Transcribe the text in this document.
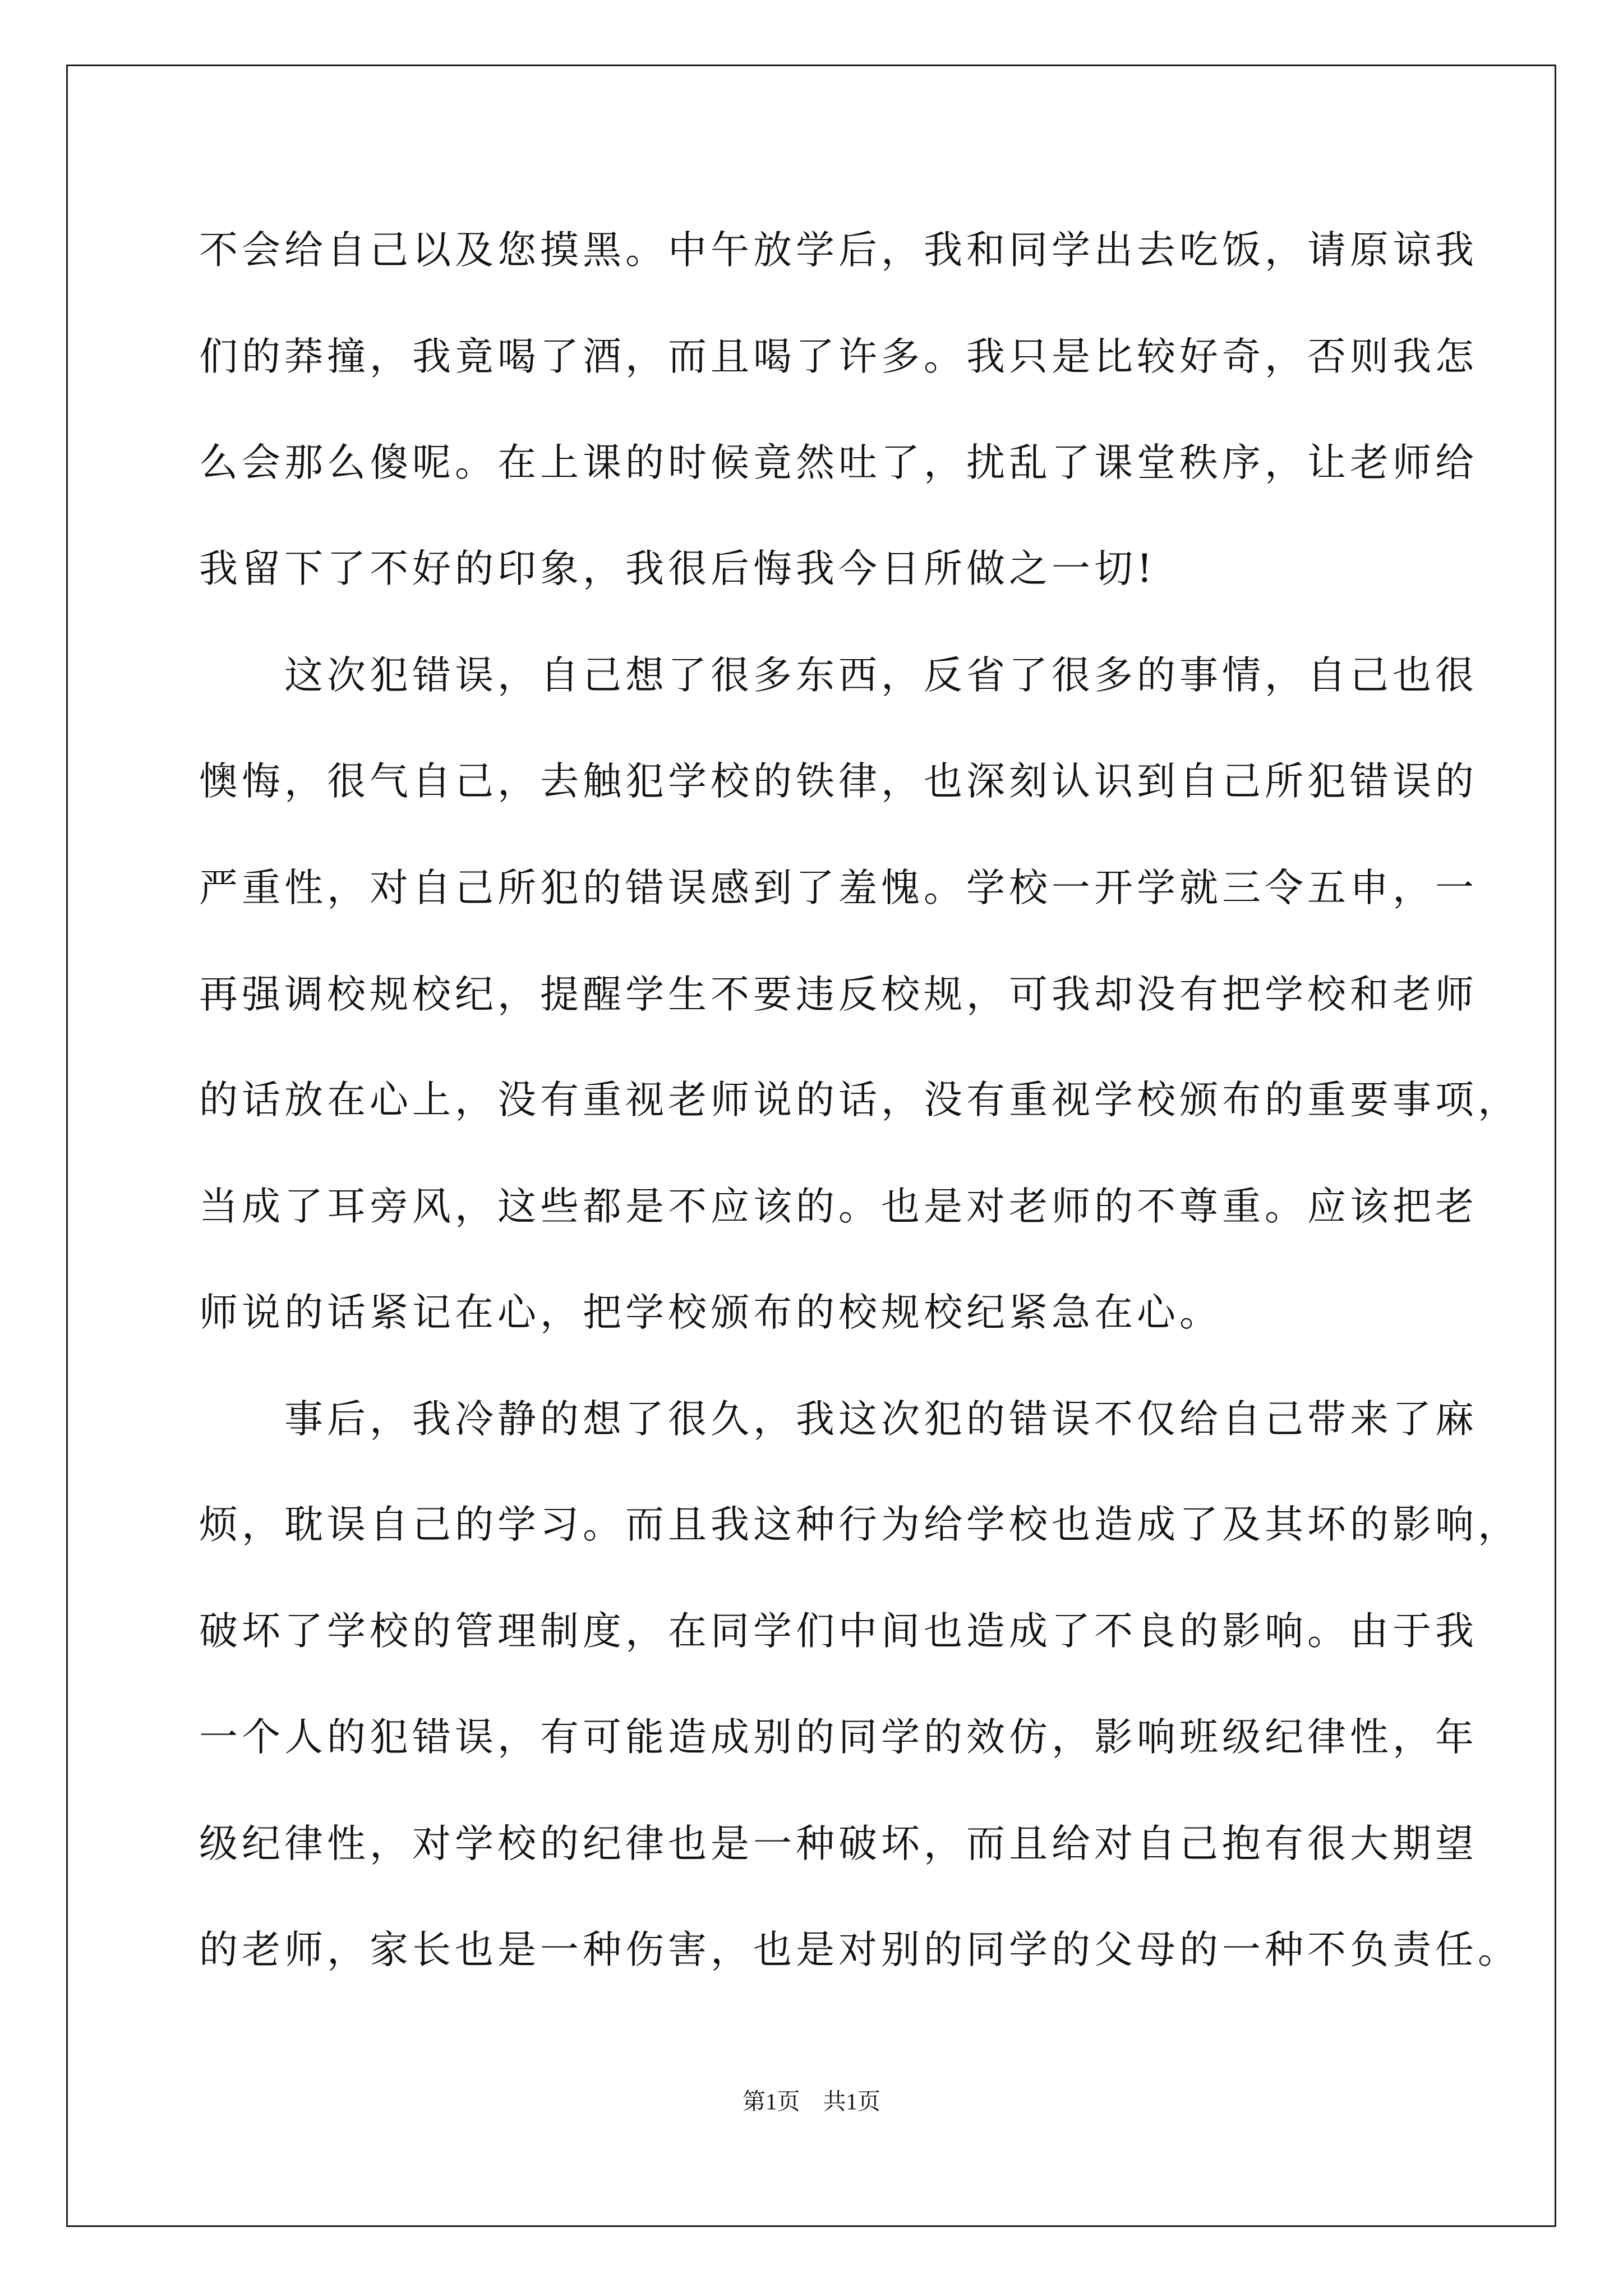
不会给自己以及您摸黑。中午放学后，我和同学出去吃饭，请原谅我
们的莽撞，我竟喝了酒，而且喝了许多。我只是比较好奇，否则我怎
么会那么傻呢。在上课的时候竟然吐了，扰乱了课堂秩序，让老师给
我留下了不好的印象，我很后悔我今日所做之一切!
　　这次犯错误，自己想了很多东西，反省了很多的事情，自己也很
懊悔，很气自己，去触犯学校的铁律，也深刻认识到自己所犯错误的
严重性，对自己所犯的错误感到了羞愧。学校一开学就三令五申，一
再强调校规校纪，提醒学生不要违反校规，可我却没有把学校和老师
的话放在心上，没有重视老师说的话，没有重视学校颁布的重要事项，
当成了耳旁风，这些都是不应该的。也是对老师的不尊重。应该把老
师说的话紧记在心，把学校颁布的校规校纪紧急在心。
　　事后，我冷静的想了很久，我这次犯的错误不仅给自己带来了麻
烦，耽误自己的学习。而且我这种行为给学校也造成了及其坏的影响，
破坏了学校的管理制度，在同学们中间也造成了不良的影响。由于我
一个人的犯错误，有可能造成别的同学的效仿，影响班级纪律性，年
级纪律性，对学校的纪律也是一种破坏，而且给对自己抱有很大期望
的老师，家长也是一种伤害，也是对别的同学的父母的一种不负责任。
第1页　共1页
